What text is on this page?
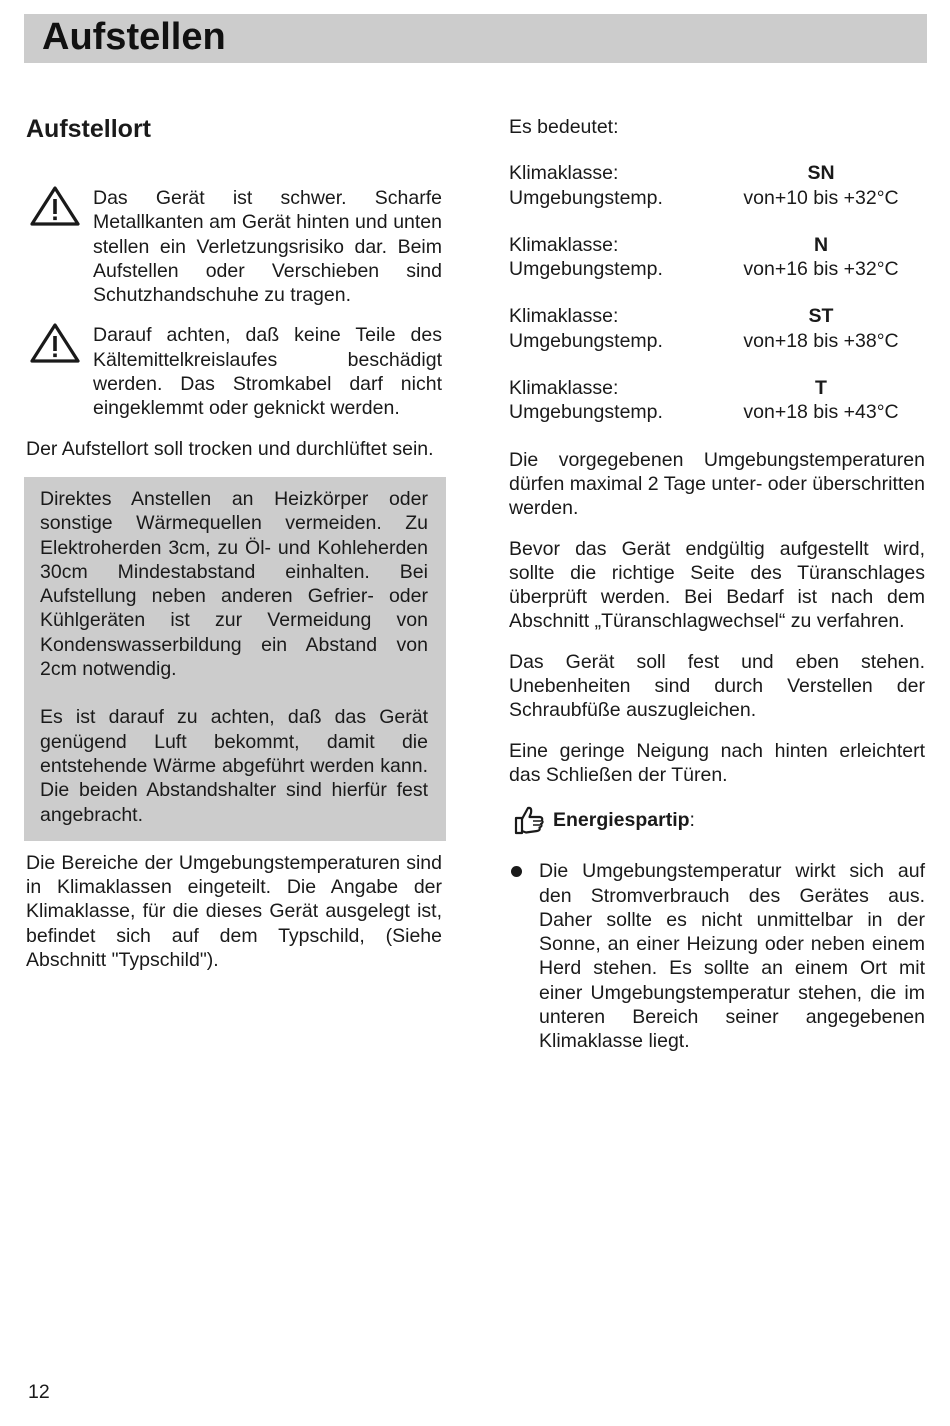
Aufstellen
Aufstellort

Das Gerät ist schwer. Scharfe Metallkanten am Gerät hinten und unten stellen ein Verletzungsrisiko dar. Beim Aufstellen oder Verschieben sind Schutzhandschuhe zu tragen.

Darauf achten, daß keine Teile des Kältemittelkreislaufes beschädigt werden. Das Stromkabel darf nicht eingeklemmt oder geknickt werden.

Der Aufstellort soll trocken und durchlüftet sein.

Direktes Anstellen an Heizkörper oder sonstige Wärmequellen vermeiden. Zu Elektroherden 3cm, zu Öl- und Kohleherden 30cm Mindestabstand einhalten. Bei Aufstellung neben anderen Gefrier- oder Kühlgeräten ist zur Vermeidung von Kondenswasserbildung ein Abstand von 2cm notwendig.

Es ist darauf zu achten, daß das Gerät genügend Luft bekommt, damit die entstehende Wärme abgeführt werden kann. Die beiden Abstandshalter sind hierfür fest angebracht.

Die Bereiche der Umgebungstemperaturen sind in Klimaklassen eingeteilt. Die Angabe der Klimaklasse, für die dieses Gerät ausgelegt ist, befindet sich auf dem Typschild, (Siehe Abschnitt "Typschild").

Es bedeutet:

Klimaklasse:	SN
Umgebungstemp.	von+10 bis +32°C
Klimaklasse:	N
Umgebungstemp.	von+16 bis +32°C
Klimaklasse:	ST
Umgebungstemp.	von+18 bis +38°C
Klimaklasse:	T
Umgebungstemp.	von+18 bis +43°C

Die vorgegebenen Umgebungstemperaturen dürfen maximal 2 Tage unter- oder überschritten werden.

Bevor das Gerät endgültig aufgestellt wird, sollte die richtige Seite des Türanschlages überprüft werden. Bei Bedarf ist nach dem Abschnitt „Türanschlagwechsel“ zu verfahren.

Das Gerät soll fest und eben stehen. Unebenheiten sind durch Verstellen der Schraubfüße auszugleichen.

Eine geringe Neigung nach hinten erleichtert das Schließen der Türen.

Energiespartip :
Die Umgebungstemperatur wirkt sich auf den Stromverbrauch des Gerätes aus. Daher sollte es nicht unmittelbar in der Sonne, an einer Heizung oder neben einem Herd stehen. Es sollte an einem Ort mit einer Umgebungstemperatur stehen, die im unteren Bereich seiner angegebenen Klimaklasse liegt.
12
